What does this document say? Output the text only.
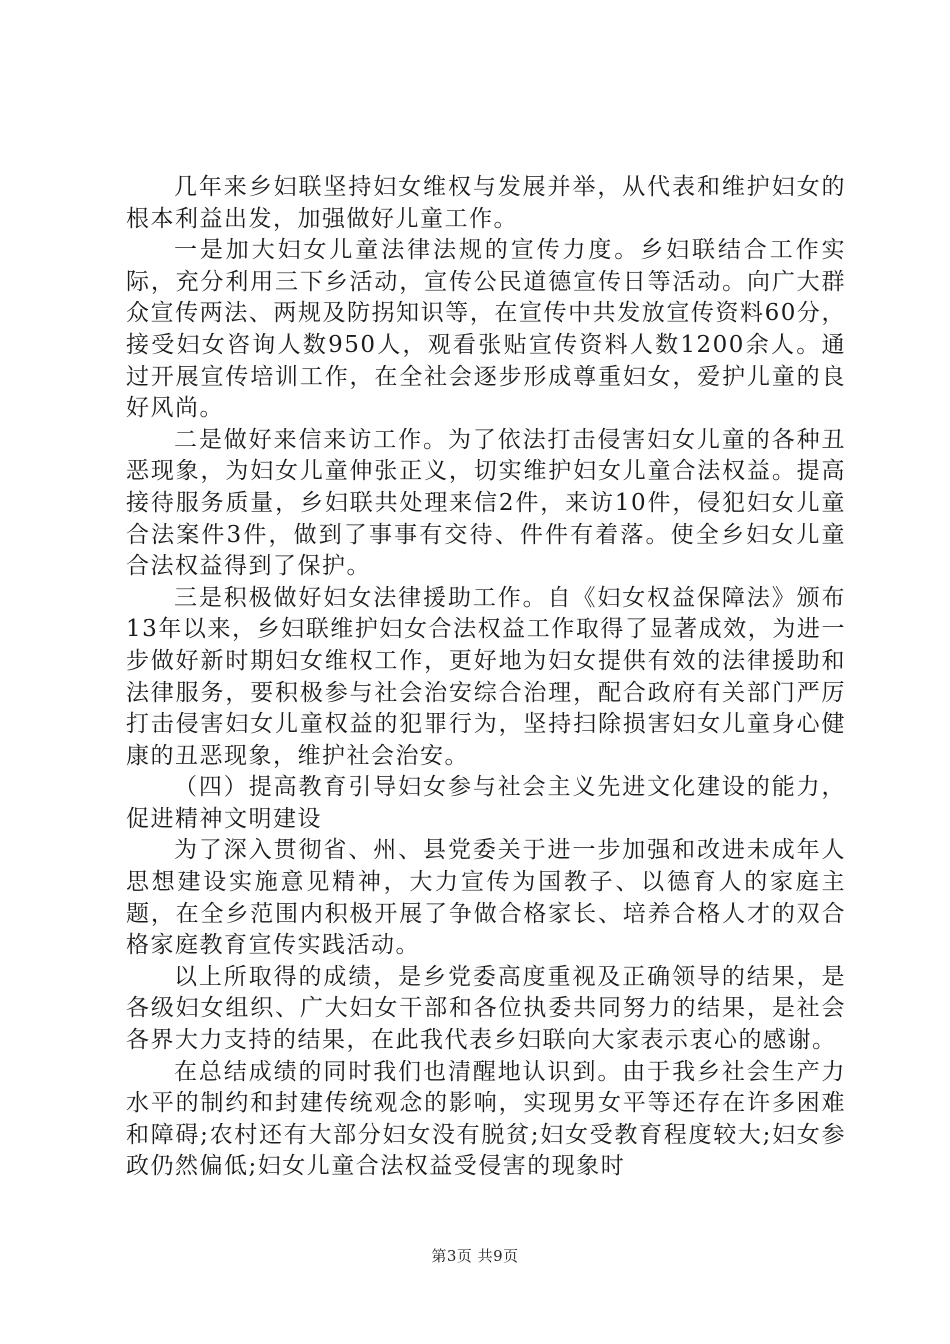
几年来乡妇联坚持妇女维权与发展并举，从代表和维护妇女的根本利益出发，加强做好儿童工作。

一是加大妇女儿童法律法规的宣传力度。乡妇联结合工作实际，充分利用三下乡活动，宣传公民道德宣传日等活动。向广大群众宣传两法、两规及防拐知识等，在宣传中共发放宣传资料60分，接受妇女咨询人数950人，观看张贴宣传资料人数1200余人。通过开展宣传培训工作，在全社会逐步形成尊重妇女，爱护儿童的良好风尚。

二是做好来信来访工作。为了依法打击侵害妇女儿童的各种丑恶现象，为妇女儿童伸张正义，切实维护妇女儿童合法权益。提高接待服务质量，乡妇联共处理来信2件，来访10件，侵犯妇女儿童合法案件3件，做到了事事有交待、件件有着落。使全乡妇女儿童合法权益得到了保护。

三是积极做好妇女法律援助工作。自《妇女权益保障法》颁布13年以来，乡妇联维护妇女合法权益工作取得了显著成效，为进一步做好新时期妇女维权工作，更好地为妇女提供有效的法律援助和法律服务，要积极参与社会治安综合治理，配合政府有关部门严厉打击侵害妇女儿童权益的犯罪行为，坚持扫除损害妇女儿童身心健康的丑恶现象，维护社会治安。

（四）提高教育引导妇女参与社会主义先进文化建设的能力，促进精神文明建设

为了深入贯彻省、州、县党委关于进一步加强和改进未成年人思想建设实施意见精神，大力宣传为国教子、以德育人的家庭主题，在全乡范围内积极开展了争做合格家长、培养合格人才的双合格家庭教育宣传实践活动。

以上所取得的成绩，是乡党委高度重视及正确领导的结果，是各级妇女组织、广大妇女干部和各位执委共同努力的结果，是社会各界大力支持的结果，在此我代表乡妇联向大家表示衷心的感谢。

在总结成绩的同时我们也清醒地认识到。由于我乡社会生产力水平的制约和封建传统观念的影响，实现男女平等还存在许多困难和障碍;农村还有大部分妇女没有脱贫;妇女受教育程度较大;妇女参政仍然偏低;妇女儿童合法权益受侵害的现象时

第3页 共9页
